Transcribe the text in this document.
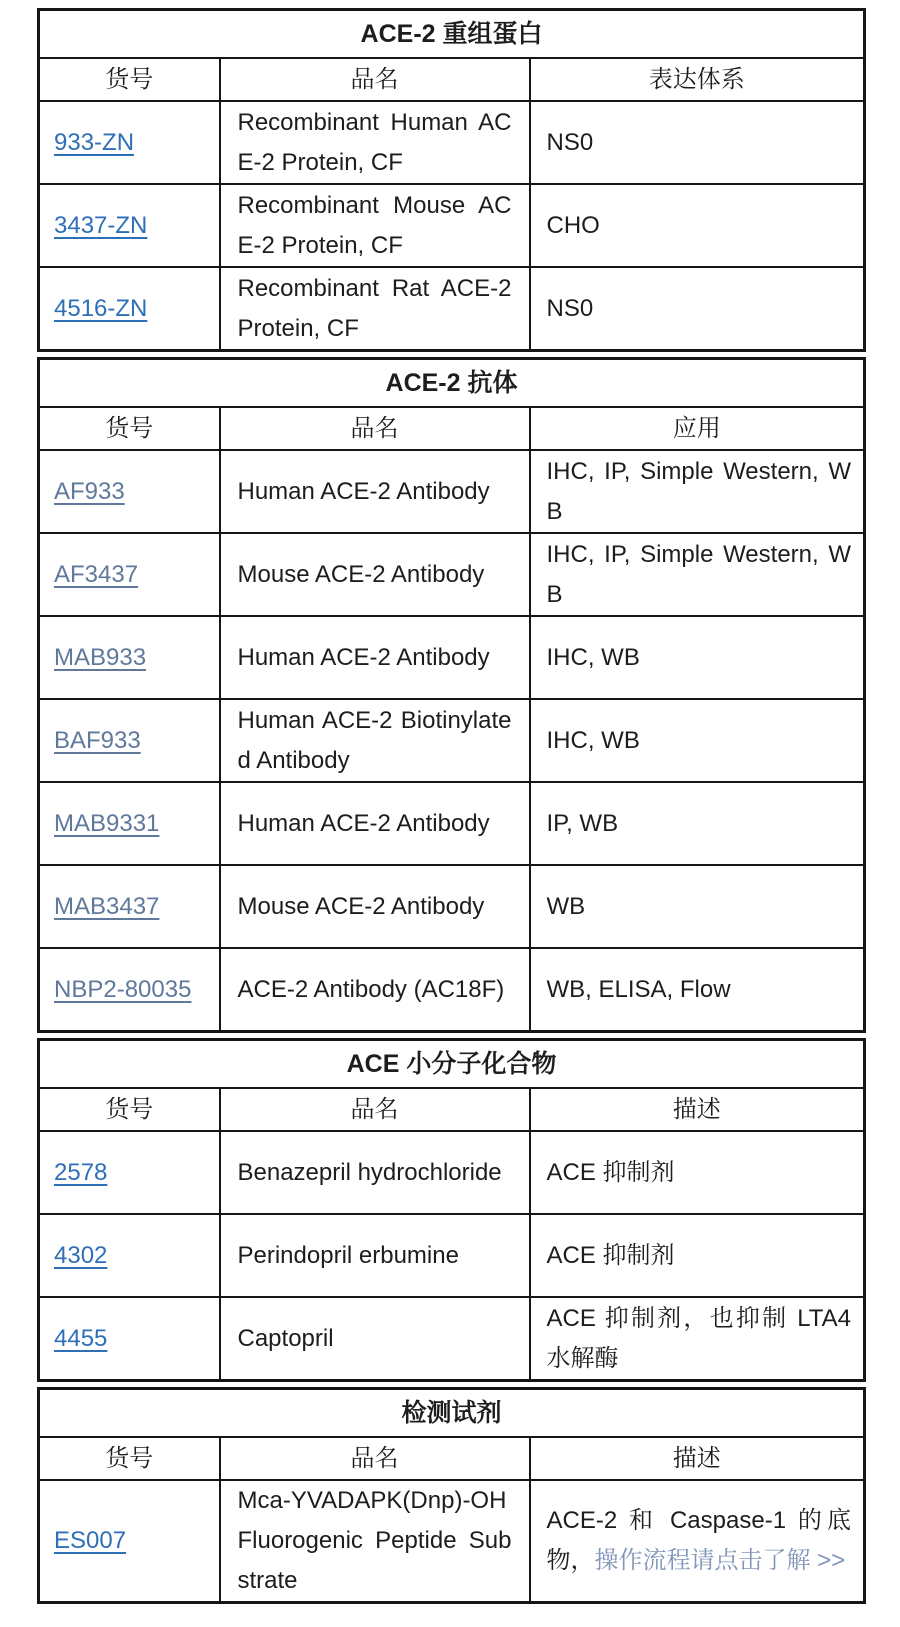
ACE-2 重组蛋白		
货号	品名	表达体系
933-ZN	Recombinant Human ACE-2 Protein, CF	NS0
3437-ZN	Recombinant Mouse ACE-2 Protein, CF	CHO
4516-ZN	Recombinant Rat ACE-2 Protein, CF	NS0
ACE-2 抗体		
货号	品名	应用
AF933	Human ACE-2 Antibody	IHC, IP, Simple Western, WB
AF3437	Mouse ACE-2 Antibody	IHC, IP, Simple Western, WB
MAB933	Human ACE-2 Antibody	IHC, WB
BAF933	Human ACE-2 Biotinylated Antibody	IHC, WB
MAB9331	Human ACE-2 Antibody	IP, WB
MAB3437	Mouse ACE-2 Antibody	WB
NBP2-80035	ACE-2 Antibody (AC18F)	WB, ELISA, Flow
ACE 小分子化合物		
货号	品名	描述
2578	Benazepril hydrochloride	ACE 抑制剂
4302	Perindopril erbumine	ACE 抑制剂
4455	Captopril	ACE 抑制剂，也抑制 LTA4 水解酶
检测试剂		
货号	品名	描述
ES007	Mca-YVADAPK(Dnp)-OH Fluorogenic Peptide Substrate	ACE-2 和 Caspase-1 的底物，操作流程请点击了解 >>
